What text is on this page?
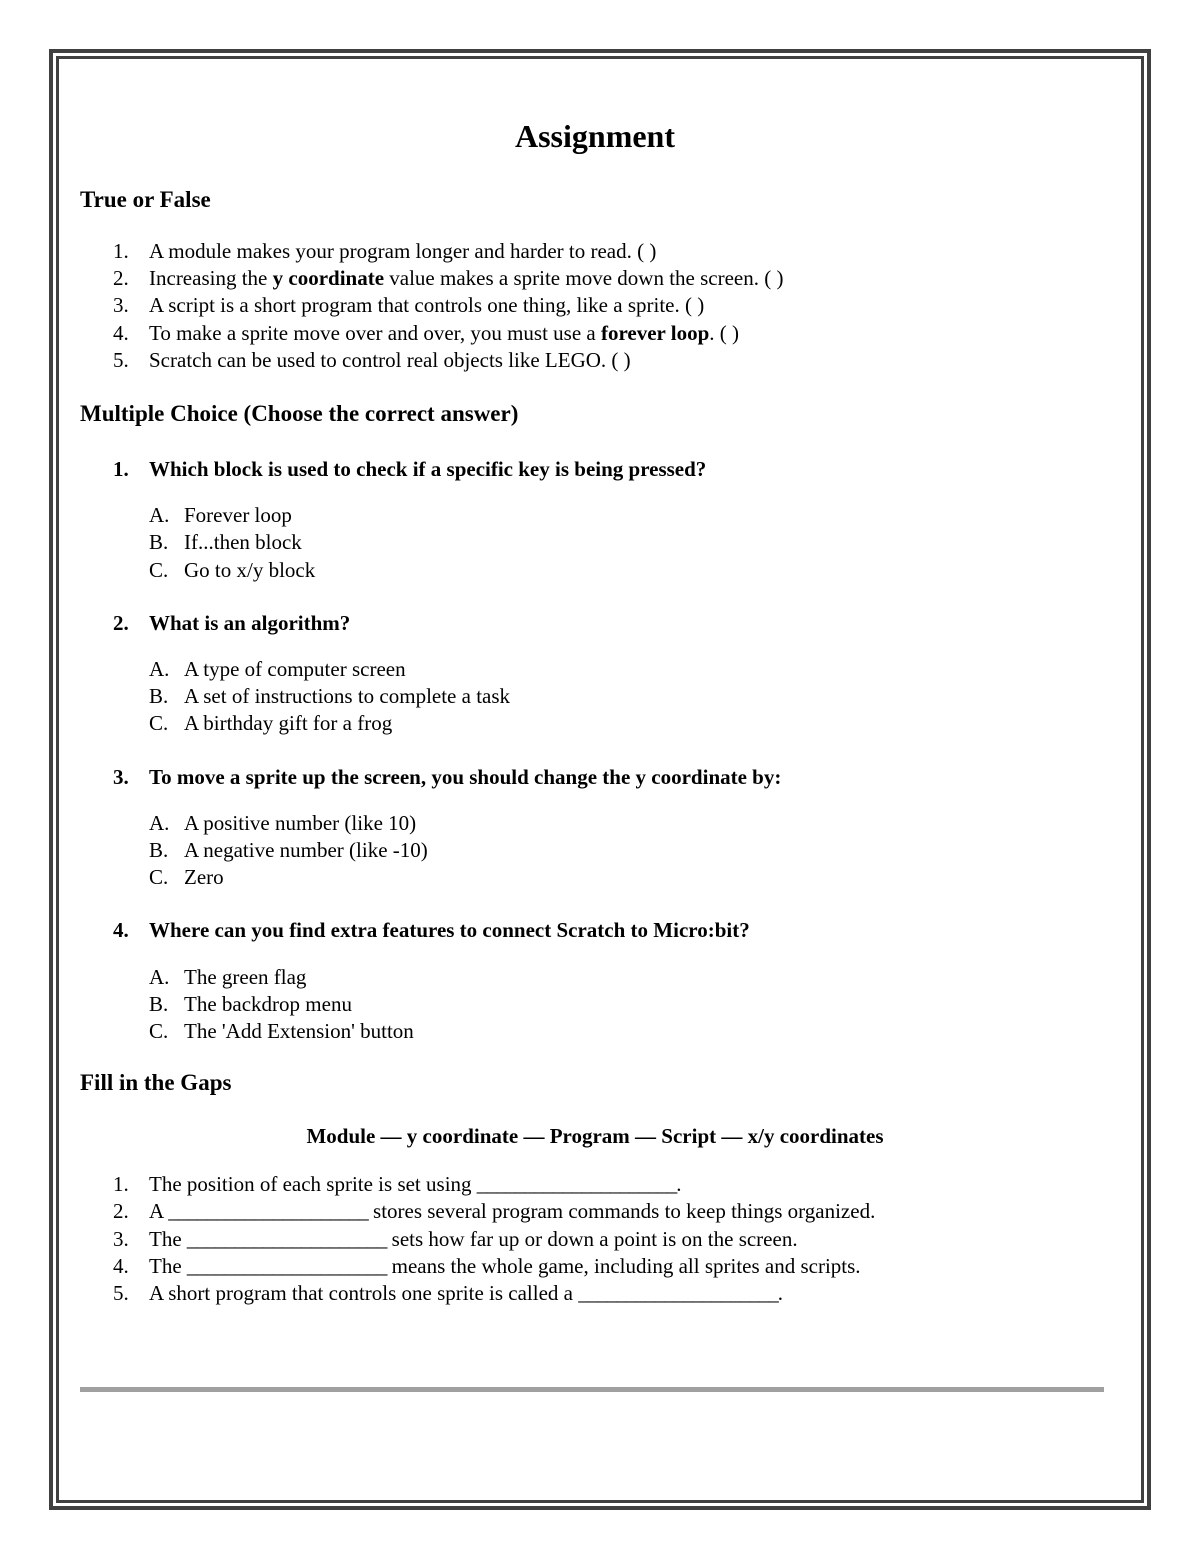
Assignment
True or False
1. A module makes your program longer and harder to read. ( )
2. Increasing the y coordinate value makes a sprite move down the screen. ( )
3. A script is a short program that controls one thing, like a sprite. ( )
4. To make a sprite move over and over, you must use a forever loop. ( )
5. Scratch can be used to control real objects like LEGO. ( )
Multiple Choice (Choose the correct answer)
1. Which block is used to check if a specific key is being pressed?
A. Forever loop
B. If...then block
C. Go to x/y block
2. What is an algorithm?
A. A type of computer screen
B. A set of instructions to complete a task
C. A birthday gift for a frog
3. To move a sprite up the screen, you should change the y coordinate by:
A. A positive number (like 10)
B. A negative number (like -10)
C. Zero
4. Where can you find extra features to connect Scratch to Micro:bit?
A. The green flag
B. The backdrop menu
C. The 'Add Extension' button
Fill in the Gaps
Module — y coordinate — Program — Script — x/y coordinates
1. The position of each sprite is set using _____________________.
2. A _____________________ stores several program commands to keep things organized.
3. The _____________________ sets how far up or down a point is on the screen.
4. The _____________________ means the whole game, including all sprites and scripts.
5. A short program that controls one sprite is called a _____________________.
